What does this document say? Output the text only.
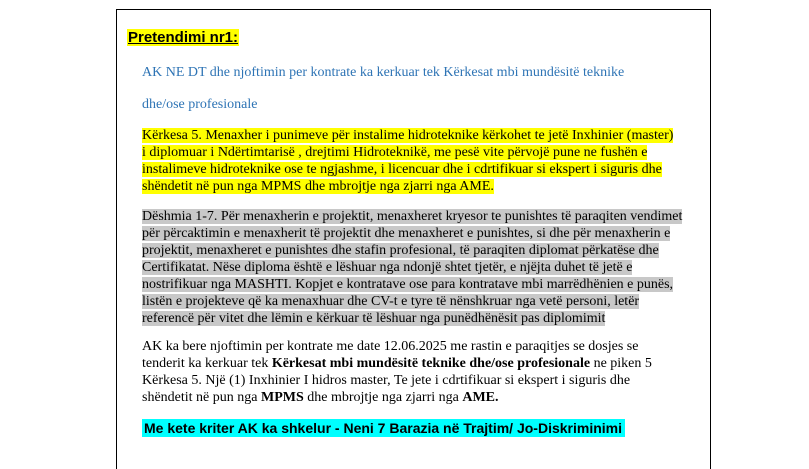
Pretendimi nr1:
AK NE DT dhe njoftimin per kontrate ka kerkuar tek Kërkesat mbi mundësitë teknike
dhe/ose profesionale
Kërkesa 5. Menaxher i punimeve për instalime hidroteknike kërkohet te jetë Inxhinier (master)
i diplomuar i Ndërtimtarisë , drejtimi Hidroteknikë, me pesë vite përvojë pune ne fushën e
instalimeve hidroteknike ose te ngjashme, i licencuar dhe i cdrtifikuar si ekspert i siguris dhe
shëndetit në pun nga MPMS dhe mbrojtje nga zjarri nga AME.
Dëshmia 1-7. Për menaxherin e projektit, menaxheret kryesor te punishtes të paraqiten vendimet
për përcaktimin e menaxherit të projektit dhe menaxheret e punishtes, si dhe për menaxherin e
projektit, menaxheret e punishtes dhe stafin profesional, të paraqiten diplomat përkatëse dhe
Certifikatat. Nëse diploma është e lëshuar nga ndonjë shtet tjetër, e njëjta duhet të jetë e
nostrifikuar nga MASHTI. Kopjet e kontratave ose para kontratave mbi marrëdhënien e punës,
listën e projekteve që ka menaxhuar dhe CV-t e tyre të nënshkruar nga vetë personi, letër
referencë për vitet dhe lëmin e kërkuar të lëshuar nga punëdhënësit pas diplomimit
AK ka bere njoftimin per kontrate me date 12.06.2025 me rastin e paraqitjes se dosjes se
tenderit ka kerkuar tek Kërkesat mbi mundësitë teknike dhe/ose profesionale ne piken 5
Kërkesa 5. Një (1) Inxhinier I hidros master, Te jete i cdrtifikuar si ekspert i siguris dhe
shëndetit në pun nga MPMS dhe mbrojtje nga zjarri nga AME.
Me kete kriter AK ka shkelur - Neni 7 Barazia në Trajtim/ Jo-Diskriminimi
